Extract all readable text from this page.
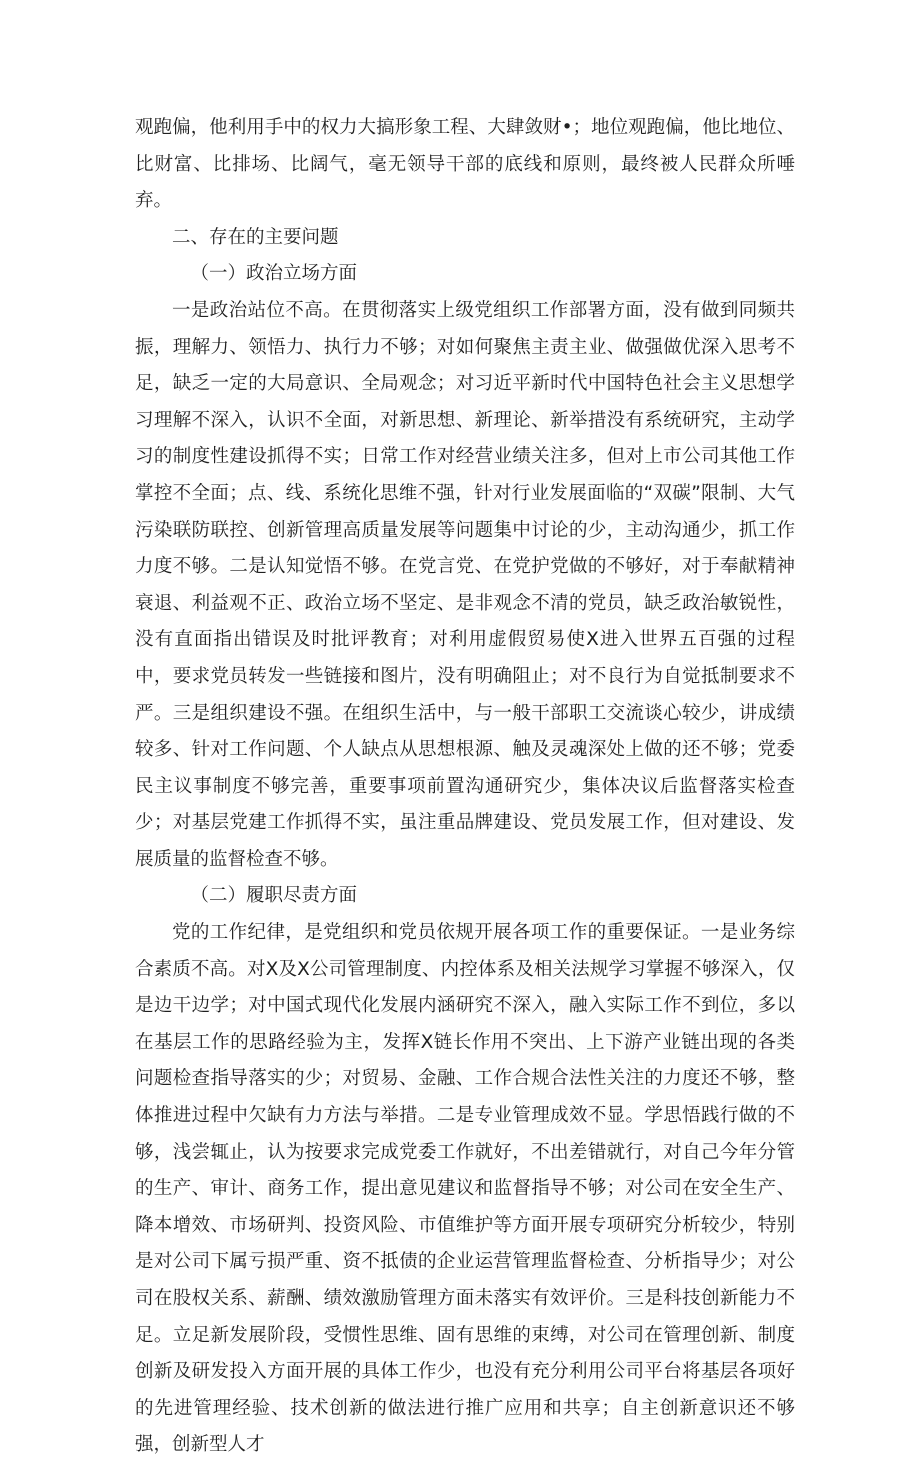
观跑偏，他利用手中的权力大搞形象工程、大肆敛财•；地位观跑偏，他比地位、比财富、比排场、比阔气，毫无领导干部的底线和原则，最终被人民群众所唾弃。

二、存在的主要问题

（一）政治立场方面

一是政治站位不高。在贯彻落实上级党组织工作部署方面，没有做到同频共振，理解力、领悟力、执行力不够；对如何聚焦主责主业、做强做优深入思考不足，缺乏一定的大局意识、全局观念；对习近平新时代中国特色社会主义思想学习理解不深入，认识不全面，对新思想、新理论、新举措没有系统研究，主动学习的制度性建设抓得不实；日常工作对经营业绩关注多，但对上市公司其他工作掌控不全面；点、线、系统化思维不强，针对行业发展面临的“双碳”限制、大气污染联防联控、创新管理高质量发展等问题集中讨论的少，主动沟通少，抓工作力度不够。二是认知觉悟不够。在党言党、在党护党做的不够好，对于奉献精神衰退、利益观不正、政治立场不坚定、是非观念不清的党员，缺乏政治敏锐性，没有直面指出错误及时批评教育；对利用虚假贸易使X进入世界五百强的过程中，要求党员转发一些链接和图片，没有明确阻止；对不良行为自觉抵制要求不严。三是组织建设不强。在组织生活中，与一般干部职工交流谈心较少，讲成绩较多、针对工作问题、个人缺点从思想根源、触及灵魂深处上做的还不够；党委民主议事制度不够完善，重要事项前置沟通研究少，集体决议后监督落实检查少；对基层党建工作抓得不实，虽注重品牌建设、党员发展工作，但对建设、发展质量的监督检查不够。

（二）履职尽责方面

党的工作纪律，是党组织和党员依规开展各项工作的重要保证。一是业务综合素质不高。对X及X公司管理制度、内控体系及相关法规学习掌握不够深入，仅是边干边学；对中国式现代化发展内涵研究不深入，融入实际工作不到位，多以在基层工作的思路经验为主，发挥X链长作用不突出、上下游产业链出现的各类问题检查指导落实的少；对贸易、金融、工作合规合法性关注的力度还不够，整体推进过程中欠缺有力方法与举措。二是专业管理成效不显。学思悟践行做的不够，浅尝辄止，认为按要求完成党委工作就好，不出差错就行，对自己今年分管的生产、审计、商务工作，提出意见建议和监督指导不够；对公司在安全生产、降本增效、市场研判、投资风险、市值维护等方面开展专项研究分析较少，特别是对公司下属亏损严重、资不抵债的企业运营管理监督检查、分析指导少；对公司在股权关系、薪酬、绩效激励管理方面未落实有效评价。三是科技创新能力不足。立足新发展阶段，受惯性思维、固有思维的束缚，对公司在管理创新、制度创新及研发投入方面开展的具体工作少，也没有充分利用公司平台将基层各项好的先进管理经验、技术创新的做法进行推广应用和共享；自主创新意识还不够强，创新型人才
